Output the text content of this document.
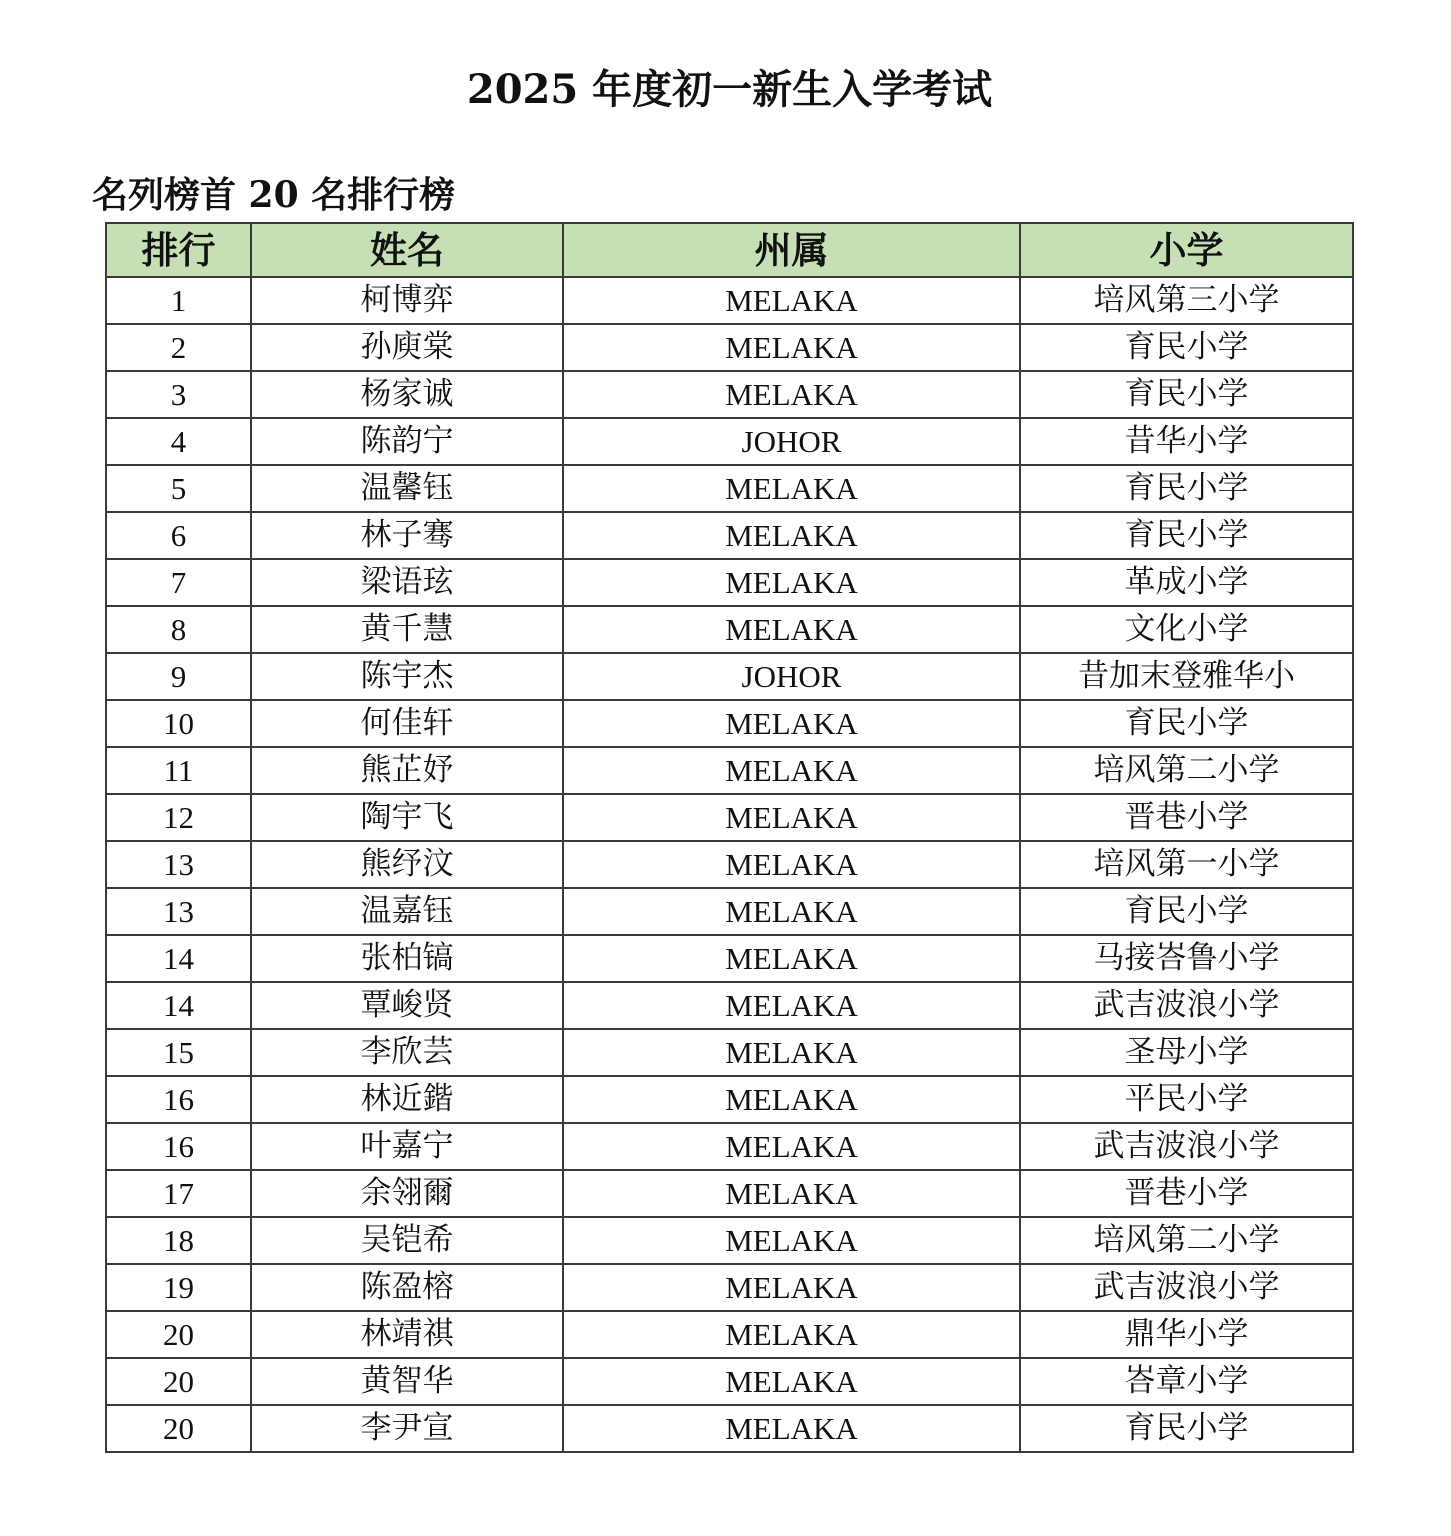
2025 年度初一新生入学考试
名列榜首 20 名排行榜
排行	姓名	州属	小学
1	柯博弈	MELAKA	培风第三小学
2	孙庾棠	MELAKA	育民小学
3	杨家诚	MELAKA	育民小学
4	陈韵宁	JOHOR	昔华小学
5	温馨钰	MELAKA	育民小学
6	林子骞	MELAKA	育民小学
7	梁语玹	MELAKA	革成小学
8	黄千慧	MELAKA	文化小学
9	陈宇杰	JOHOR	昔加末登雅华小
10	何佳轩	MELAKA	育民小学
11	熊芷妤	MELAKA	培风第二小学
12	陶宇飞	MELAKA	晋巷小学
13	熊纾汶	MELAKA	培风第一小学
13	温嘉钰	MELAKA	育民小学
14	张柏镐	MELAKA	马接峇鲁小学
14	覃峻贤	MELAKA	武吉波浪小学
15	李欣芸	MELAKA	圣母小学
16	林近鍇	MELAKA	平民小学
16	叶嘉宁	MELAKA	武吉波浪小学
17	余翎爾	MELAKA	晋巷小学
18	吴铠希	MELAKA	培风第二小学
19	陈盈榕	MELAKA	武吉波浪小学
20	林靖祺	MELAKA	鼎华小学
20	黄智华	MELAKA	峇章小学
20	李尹宣	MELAKA	育民小学
